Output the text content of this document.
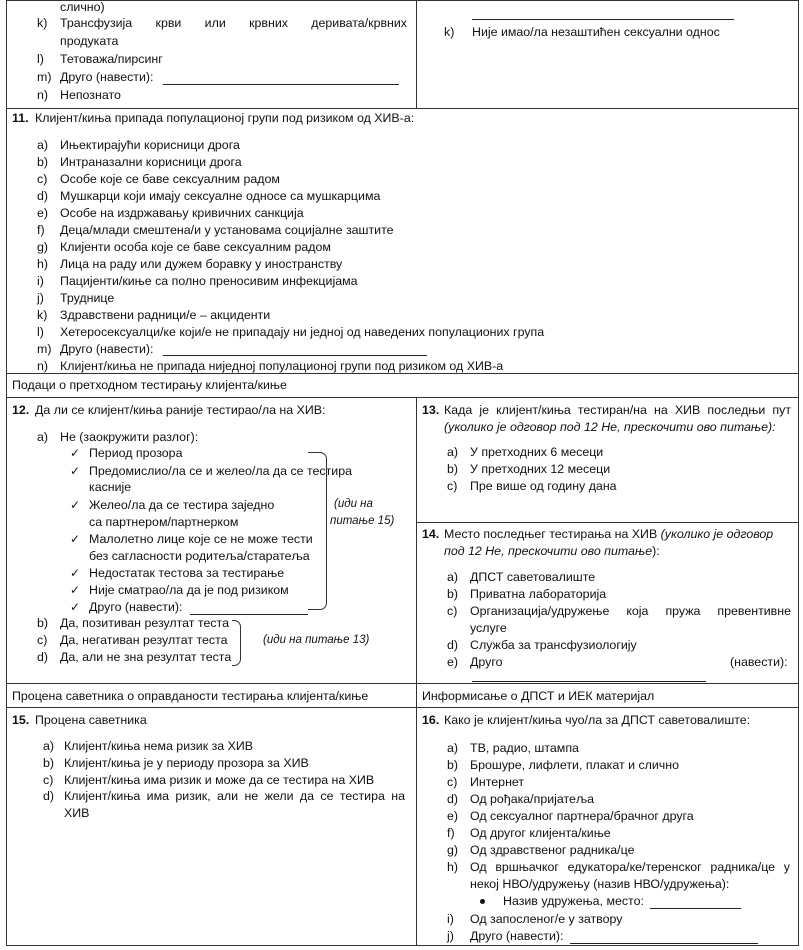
слично)
k) Трансфузија крви или крвних деривата/крвних
продуката
l) Тетоважа/пирсинг
m) Друго (навести):
n) Непознато
k) Није имао/ла незаштићен сексуални однос
11. Клијент/киња припада популационој групи под ризиком од ХИВ-а:
a) Ињектирајући корисници дрога
b) Интраназални корисници дрога
c) Особе које се баве сексуалним радом
d) Мушкарци који имају сексуалне односе са мушкарцима
e) Особе на издржавању кривичних санкција
f) Деца/млади смештена/и у установама социјалне заштите
g) Клијенти особа које се баве сексуалним радом
h) Лица на раду или дужем боравку у иностранству
i) Пацијенти/киње са полно преносивим инфекцијама
j) Труднице
k) Здравствени радници/е – акциденти
l) Хетеросексуалци/ке који/е не припадају ни једној од наведених популационих група
m) Друго (навести):
n) Клијент/киња не припада ниједној популационој групи под ризиком од ХИВ-а
Подаци о претходном тестирању клијента/киње
12. Да ли се клијент/киња раније тестирао/ла на ХИВ:
a) Не (заокружити разлог):
✓ Период прозора
✓ Предомислио/ла се и желео/ла да се тестира
касније
✓ Желео/ла да се тестира заједно
са партнером/партнерком
✓ Малолетно лице које се не може тести
без сагласности родитеља/старатеља
✓ Недостатак тестова за тестирање
✓ Није сматрао/ла да је под ризиком
✓ Друго (навести):
(иди на
питање 15)
b) Да, позитиван резултат теста
c) Да, негативан резултат теста
d) Да, али не зна резултат теста
(иди на питање 13)
13. Када је клијент/киња тестиран/на на ХИВ последњи пут
(уколико је одговор под 12 Не, прескочити ово питање):
a) У претходних 6 месеци
b) У претходних 12 месеци
c) Пре више од годину дана
14. Место последњег тестирања на ХИВ (уколико је одговор
под 12 Не, прескочити ово питање):
a) ДПСТ саветовалиште
b) Приватна лабораторија
c) Организација/удружење која пружа превентивне
услуге
d) Служба за трансфузиологију
e) Друго	(навести):
Процена саветника о оправданости тестирања клијента/киње	Информисање о ДПСТ и ИЕК материјал
15. Процена саветника
a) Клијент/киња нема ризик за ХИВ
b) Клијент/киња је у периоду прозора за ХИВ
c) Клијент/киња има ризик и може да се тестира на ХИВ
d) Клијент/киња има ризик, али не жели да се тестира на
ХИВ
16. Како је клијент/киња чуо/ла за ДПСТ саветовалиште:
a) ТВ, радио, штампа
b) Брошуре, лифлети, плакат и слично
c) Интернет
d) Од рођака/пријатеља
e) Од сексуалног партнера/брачног друга
f) Од другог клијента/киње
g) Од здравственог радника/це
h) Од вршњачког едукатора/ке/теренског радника/це у
некој НВО/удружењу (назив НВО/удружења):
Назив удружења, место:
i) Од запосленог/е у затвору
j) Друго (навести):
